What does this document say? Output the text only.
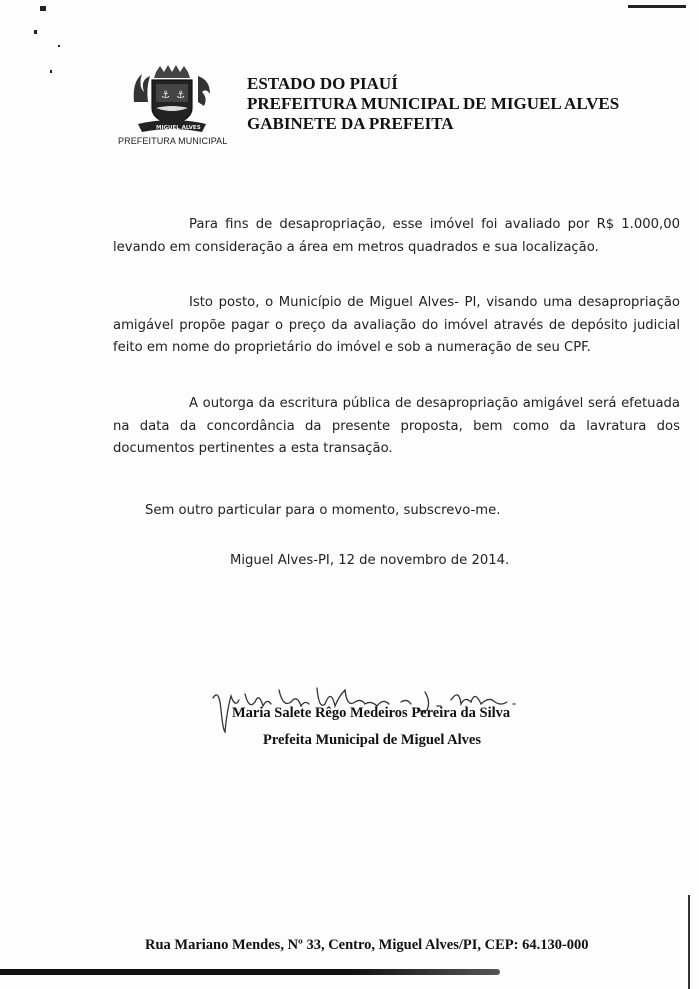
⚓ ⚓
MIGUEL ALVES
PREFEITURA MUNICIPAL
ESTADO DO PIAUÍ
PREFEITURA MUNICIPAL DE MIGUEL ALVES
GABINETE DA PREFEITA

Para fins de desapropriação, esse imóvel foi avaliado por R$ 1.000,00 levando em consideração a área em metros quadrados e sua localização.

Isto posto, o Município de Miguel Alves- PI, visando uma desapropriação amigável propõe pagar o preço da avaliação do imóvel através de depósito judicial feito em nome do proprietário do imóvel e sob a numeração de seu CPF.

A outorga da escritura pública de desapropriação amigável será efetuada na data da concordância da presente proposta, bem como da lavratura dos documentos pertinentes a esta transação.

Sem outro particular para o momento, subscrevo-me.
Miguel Alves-PI, 12 de novembro de 2014.
Maria Salete Rêgo Medeiros Pereira da Silva
Prefeita Municipal de Miguel Alves
Rua Mariano Mendes, Nº 33, Centro, Miguel Alves/PI, CEP: 64.130-000
